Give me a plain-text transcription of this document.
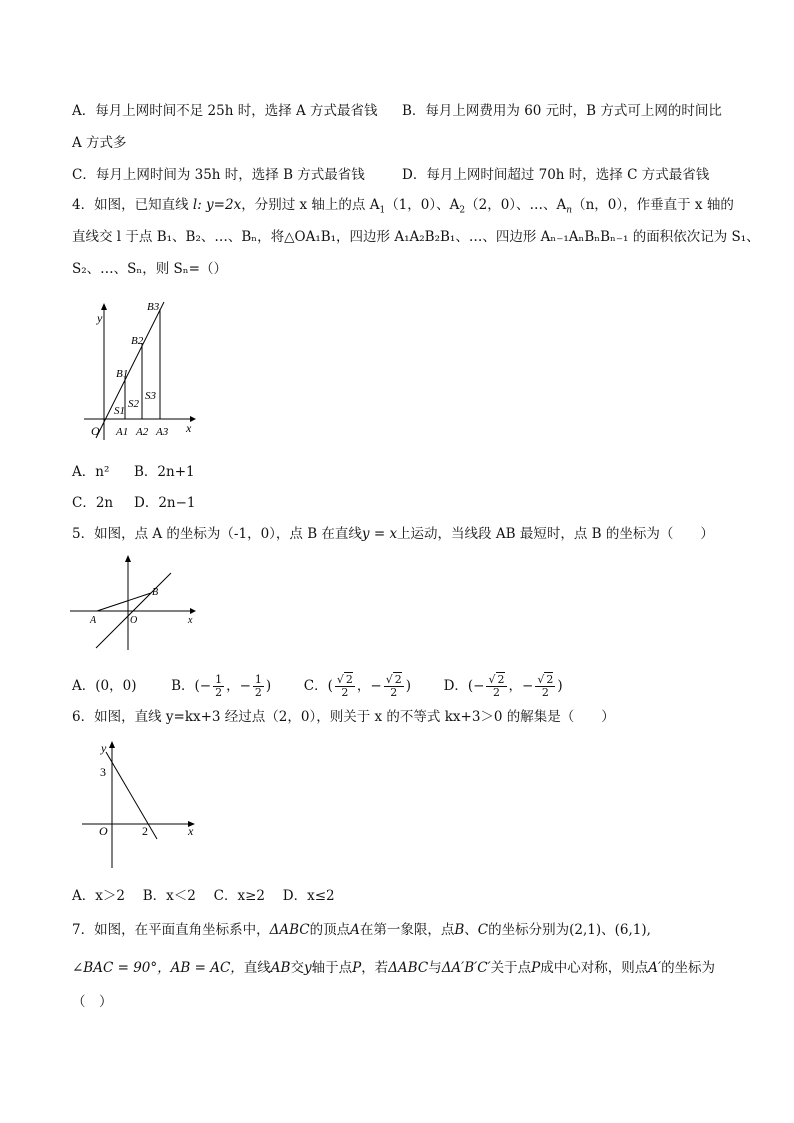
A．每月上网时间不足 25h 时，选择 A 方式最省钱 B．每月上网费用为 60 元时，B 方式可上网的时间比
A 方式多
C．每月上网时间为 35h 时，选择 B 方式最省钱	D．每月上网时间超过 70h 时，选择 C 方式最省钱
4．如图，已知直线 l: y=2x，分别过 x 轴上的点 $A_1(1$，0）、$A_2(2$，0）、…、$A_n(n$，0），作垂直于 x 轴的
直线交 l 于点 B₁、B₂、…、Bₙ，将△OA₁B₁，四边形 A₁A₂B₂B₁、…、四边形 Aₙ₋₁AₙBₙBₙ₋₁ 的面积依次记为 S₁、
S₂、…、Sₙ，则 Sₙ=（）
y
x
O
B1
B2
B3
S1
S2
S3
A1 A2 A3
A．n² B．2n+1
C．2n D．2n−1
5．如图，点 A 的坐标为（-1，0），点 B 在直线y = x上运动，当线段 AB 最短时，点 B 的坐标为（　　）
A	O
B
x
A．(0，0)	B．(− $\frac{1}{2}$ ，− $\frac{1}{2}$ ) C．( $\frac{√ 2}{2}$ ，− $\frac{√ 2}{2}$ ) D．(− $\frac{√ 2}{2}$ ，− $\frac{√ 2}{2}$ )
6．如图，直线 y=kx+3 经过点（2，0），则关于 x 的不等式 kx+3＞0 的解集是（　　）
y
3
O	2	x
A．x＞2　 B．x＜2　 C．x≥2　 D．x≤2
7．如图，在平面直角坐标系中，ΔABC的顶点A在第一象限，点B、C的坐标分别为(2,1)、(6,1),
∠BAC = 90°，AB = AC，直线AB交y轴于点P，若ΔABC与ΔA′B′C′关于点P成中心对称，则点A′的坐标为
（　）
